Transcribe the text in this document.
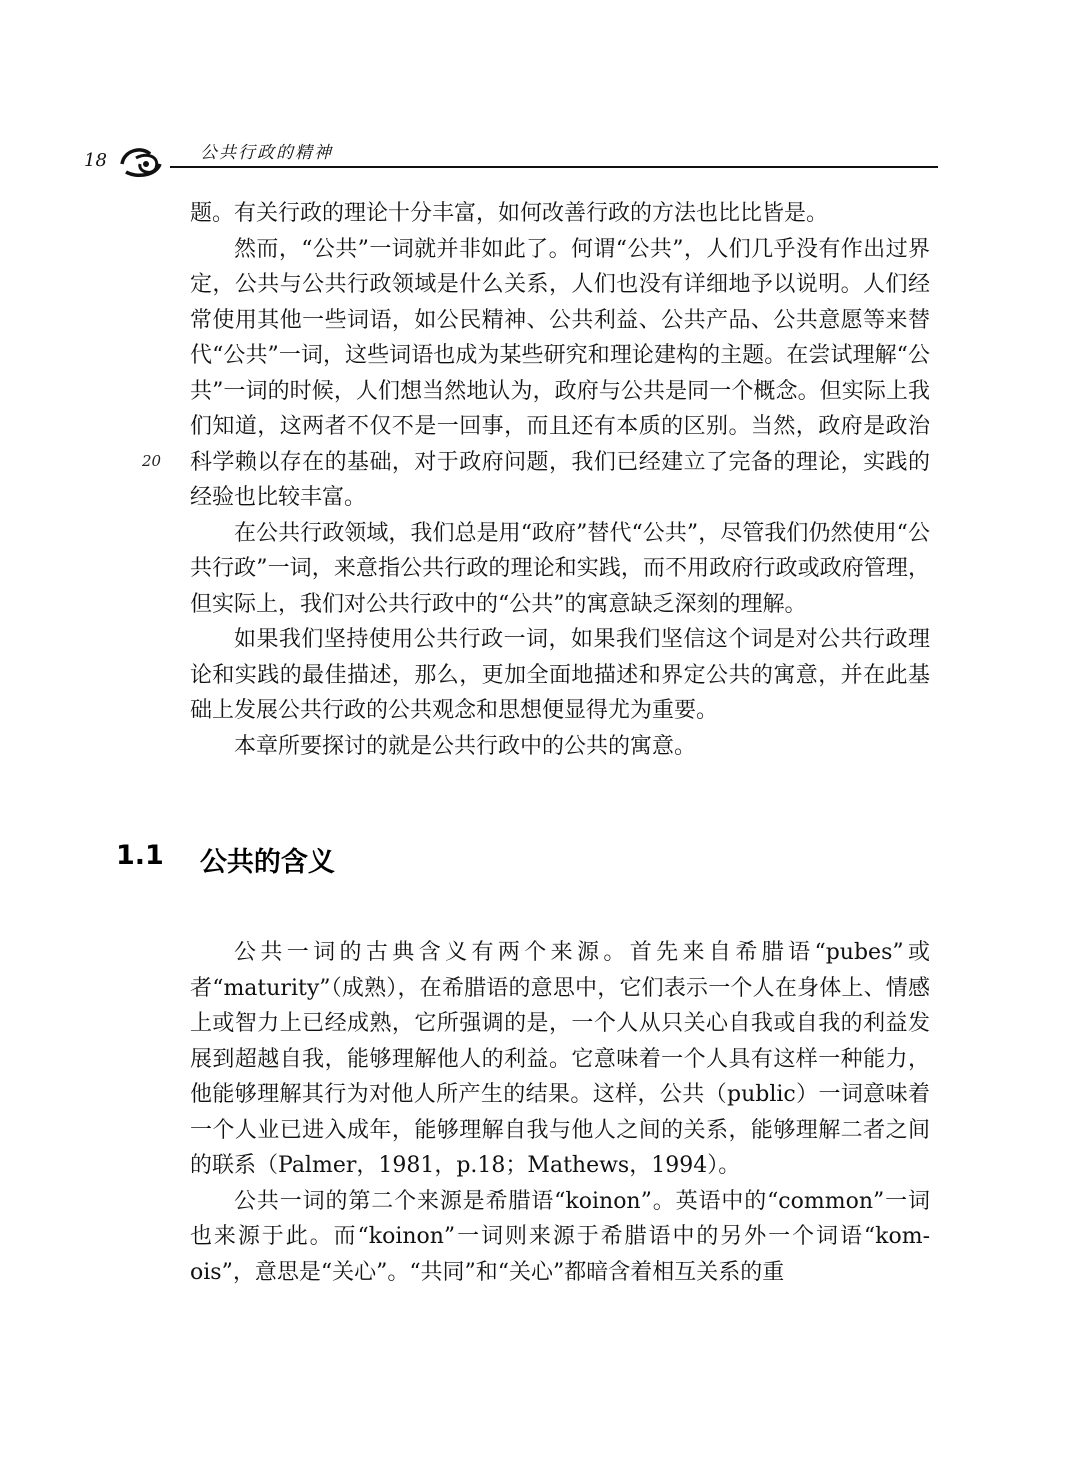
18	公共行政的精神
20

题。有关行政的理论十分丰富，如何改善行政的方法也比比皆是。

然而，“公共”一词就并非如此了。何谓“公共”，人们几乎没有作出过界定，公共与公共行政领域是什么关系，人们也没有详细地予以说明。人们经常使用其他一些词语，如公民精神、公共利益、公共产品、公共意愿等来替代“公共”一词，这些词语也成为某些研究和理论建构的主题。在尝试理解“公共”一词的时候，人们想当然地认为，政府与公共是同一个概念。但实际上我们知道，这两者不仅不是一回事，而且还有本质的区别。当然，政府是政治科学赖以存在的基础，对于政府问题，我们已经建立了完备的理论，实践的经验也比较丰富。

在公共行政领域，我们总是用“政府”替代“公共”，尽管我们仍然使用“公共行政”一词，来意指公共行政的理论和实践，而不用政府行政或政府管理，但实际上，我们对公共行政中的“公共”的寓意缺乏深刻的理解。

如果我们坚持使用公共行政一词，如果我们坚信这个词是对公共行政理论和实践的最佳描述，那么，更加全面地描述和界定公共的寓意，并在此基础上发展公共行政的公共观念和思想便显得尤为重要。

本章所要探讨的就是公共行政中的公共的寓意。

1.1 公共的含义

公共一词的古典含义有两个来源。首先来自希腊语“pubes”或者“maturity”（成熟），在希腊语的意思中，它们表示一个人在身体上、情感上或智力上已经成熟，它所强调的是，一个人从只关心自我或自我的利益发展到超越自我，能够理解他人的利益。它意味着一个人具有这样一种能力，他能够理解其行为对他人所产生的结果。这样，公共（public）一词意味着一个人业已进入成年，能够理解自我与他人之间的关系，能够理解二者之间的联系（Palmer，1981，p.18；Mathews，1994）。

公共一词的第二个来源是希腊语“koinon”。英语中的“common”一词也来源于此。而“koinon”一词则来源于希腊语中的另外一个词语“kom-ois”，意思是“关心”。“共同”和“关心”都暗含着相互关系的重
